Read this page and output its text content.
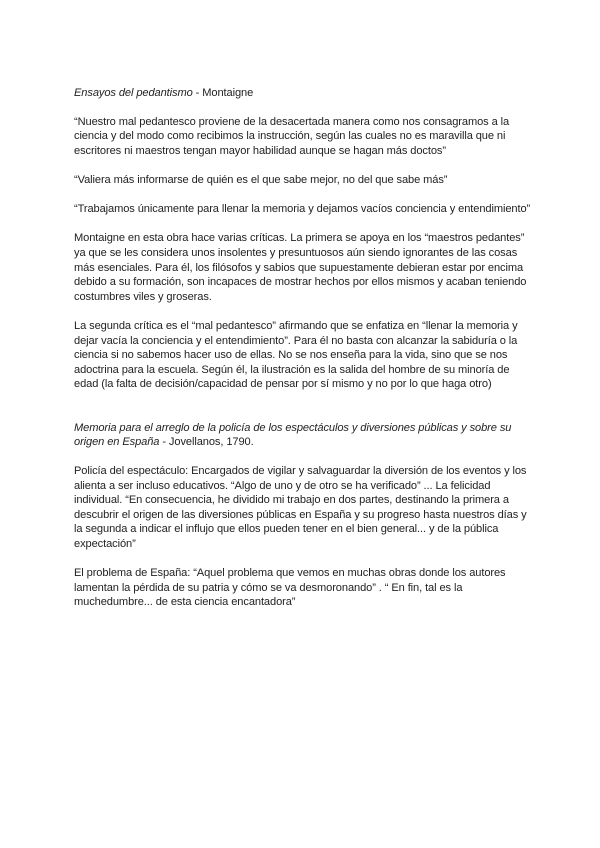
Ensayos del pedantismo - Montaigne

“Nuestro mal pedantesco proviene de la desacertada manera como nos consagramos a la ciencia y del modo como recibimos la instrucción, según las cuales no es maravilla que ni escritores ni maestros tengan mayor habilidad aunque se hagan más doctos”

“Valiera más informarse de quién es el que sabe mejor, no del que sabe más”

“Trabajamos únicamente para llenar la memoria y dejamos vacíos conciencia y entendimiento”

Montaigne en esta obra hace varias críticas. La primera se apoya en los “maestros pedantes” ya que se les considera unos insolentes y presuntuosos aún siendo ignorantes de las cosas más esenciales. Para él, los filósofos y sabios que supuestamente debieran estar por encima debido a su formación, son incapaces de mostrar hechos por ellos mismos y acaban teniendo costumbres viles y groseras.

La segunda crítica es el “mal pedantesco” afirmando que se enfatiza en “llenar la memoria y dejar vacía la conciencia y el entendimiento”. Para él no basta con alcanzar la sabiduría o la ciencia si no sabemos hacer uso de ellas. No se nos enseña para la vida, sino que se nos adoctrina para la escuela. Según él, la ilustración es la salida del hombre de su minoría de edad (la falta de decisión/capacidad de pensar por sí mismo y no por lo que haga otro)

Memoria para el arreglo de la policía de los espectáculos y diversiones públicas y sobre su origen en España - Jovellanos, 1790.

Policía del espectáculo: Encargados de vigilar y salvaguardar la diversión de los eventos y los alienta a ser incluso educativos. “Algo de uno y de otro se ha verificado” ... La felicidad individual. “En consecuencia, he dividido mi trabajo en dos partes, destinando la primera a descubrir el origen de las diversiones públicas en España y su progreso hasta nuestros días y la segunda a indicar el influjo que ellos pueden tener en el bien general... y de la pública expectación”

El problema de España: “Aquel problema que vemos en muchas obras donde los autores lamentan la pérdida de su patria y cómo se va desmoronando” . “ En fin, tal es la muchedumbre... de esta ciencia encantadora”
